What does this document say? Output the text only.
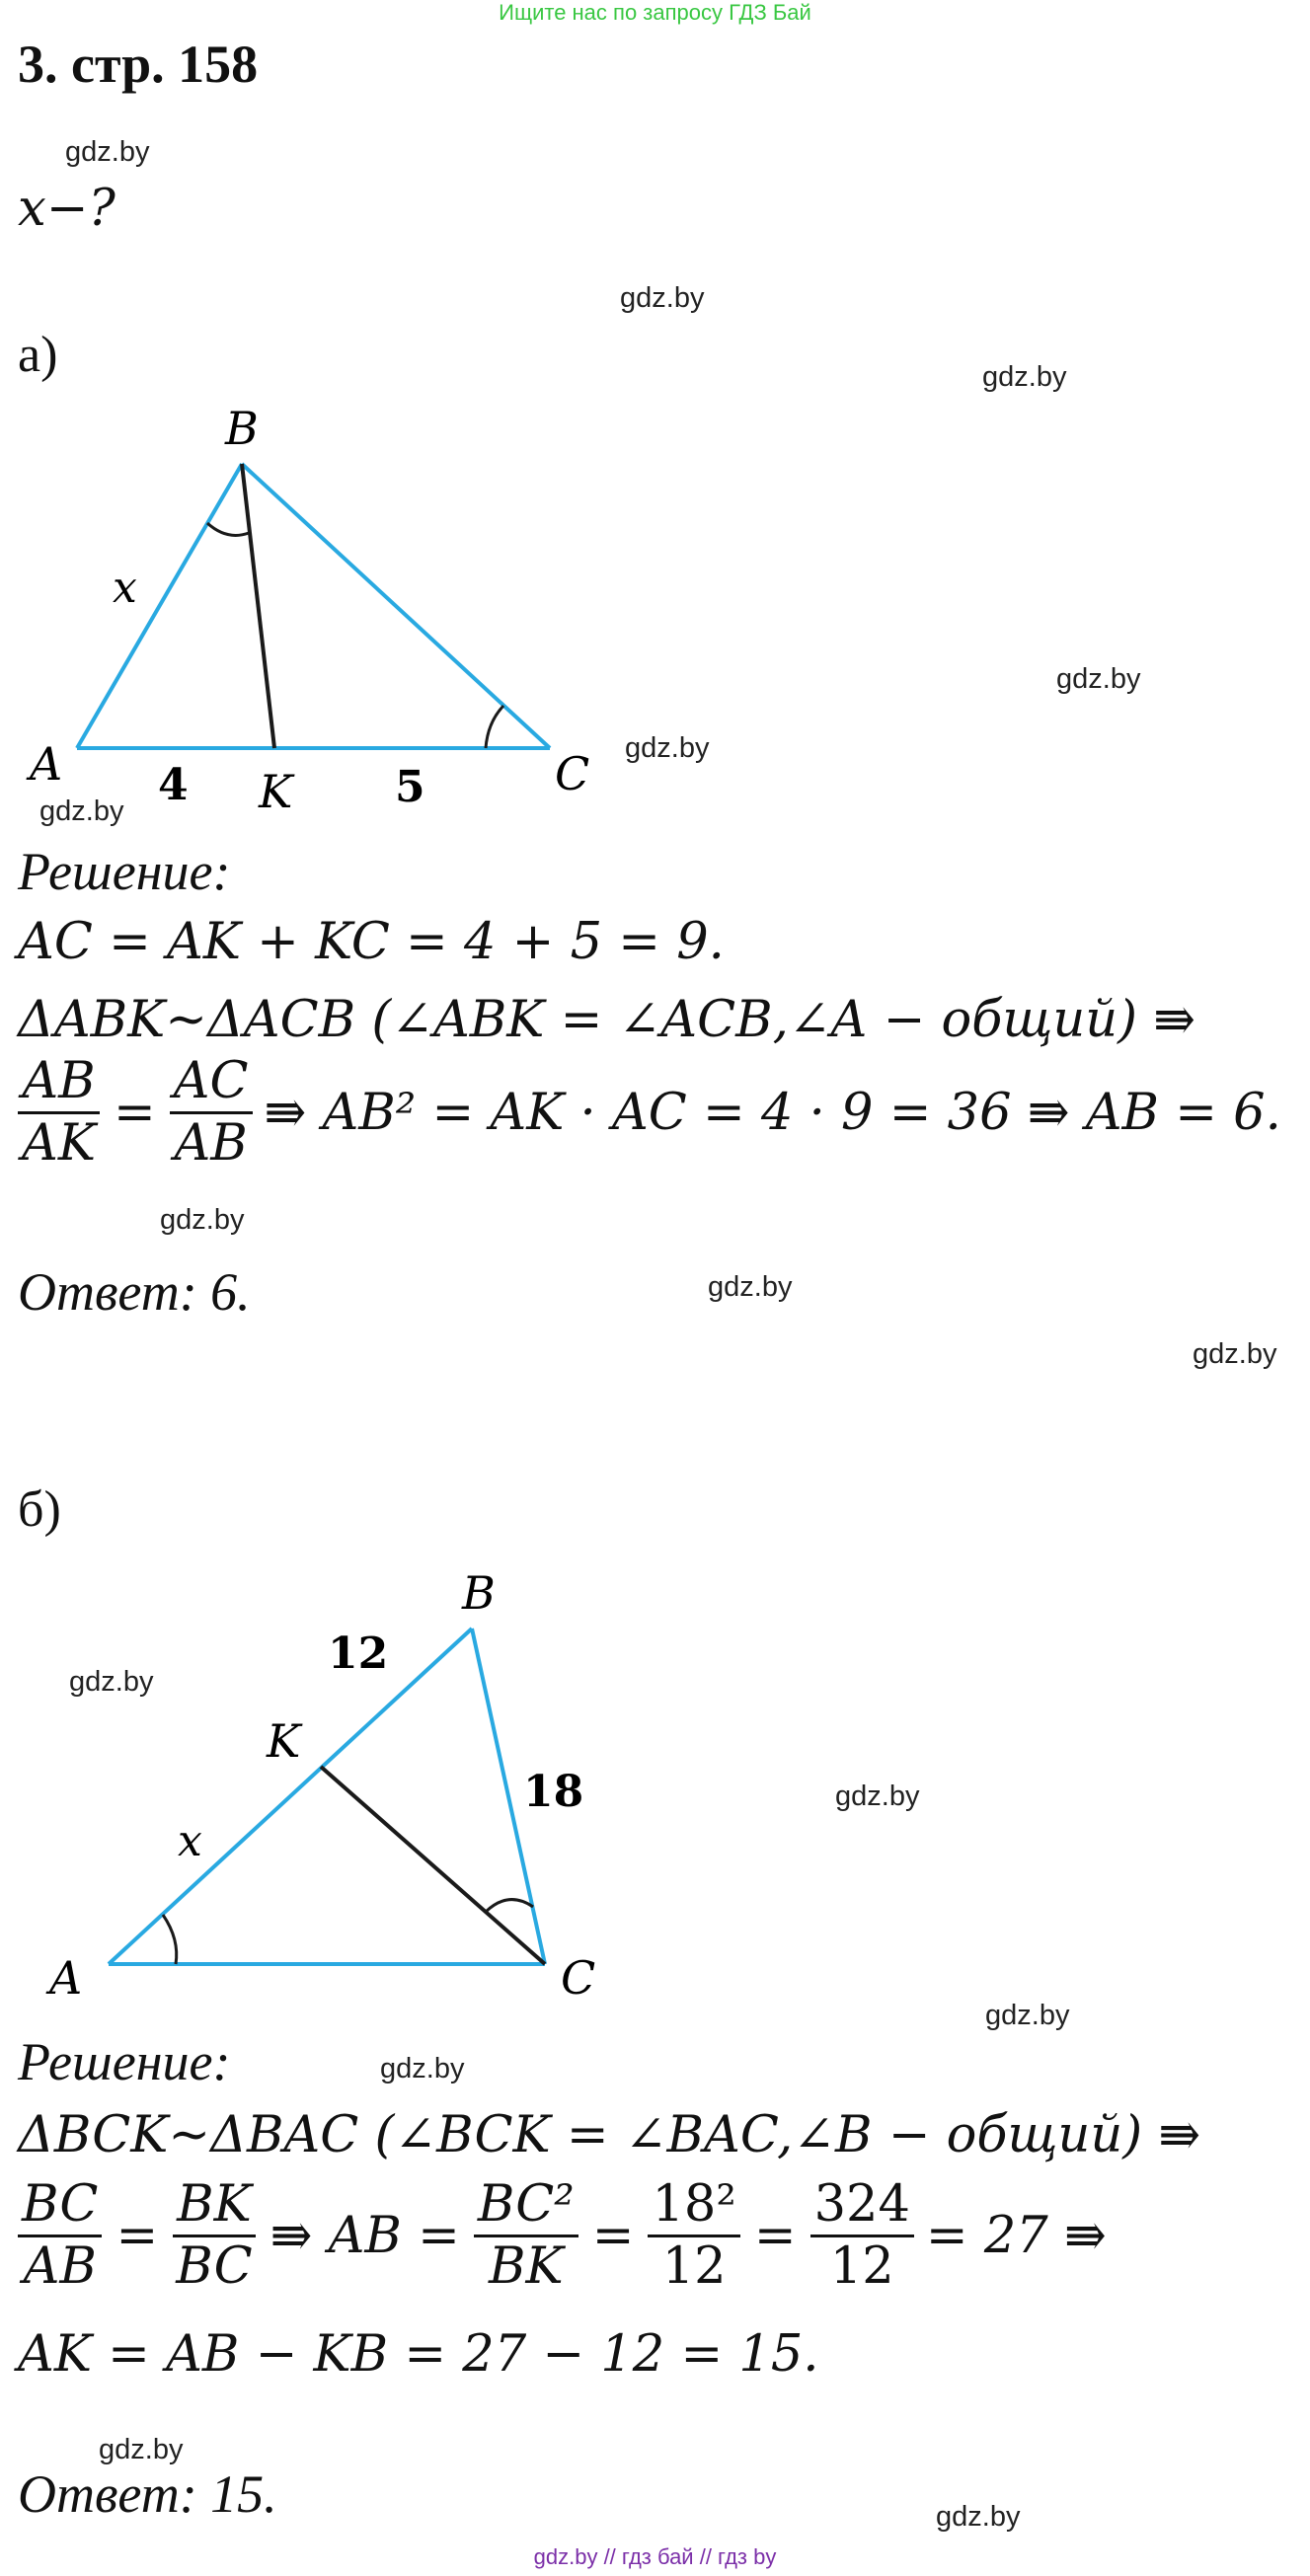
Ищите нас по запросу ГДЗ Бай
3. стр. 158
gdz.by
x−?
gdz.by
а)	gdz.by
B
A	C
K
x
4	5
gdz.by
gdz.by
gdz.by
Решение:
AC = AK + KC = 4 + 5 = 9.
ΔABK~ΔACB (∠ABK = ∠ACB,∠A − общий) ⇛
$\frac{AB}{AK} = \frac{AC}{AB}$ ⇛ AB² = AK · AC = 4 · 9 = 36 ⇛ AB = 6.
gdz.by
Ответ: 6.	gdz.by
gdz.by
б)
B
A	C
K
x
12
18
gdz.by
gdz.by
gdz.by
Решение:	gdz.by
ΔBCK~ΔBAC (∠BCK = ∠BAC,∠B − общий) ⇛
$\frac{BC}{AB} = \frac{BK}{BC}$ ⇛ AB = $\frac{\text{BC²}}{BK} = \frac{\text{18²}}{12} = \frac{324}{12} = 27$ ⇛
AK = AB − KB = 27 − 12 = 15.
gdz.by
Ответ: 15.	gdz.by
gdz.by // гдз бай // гдз by
